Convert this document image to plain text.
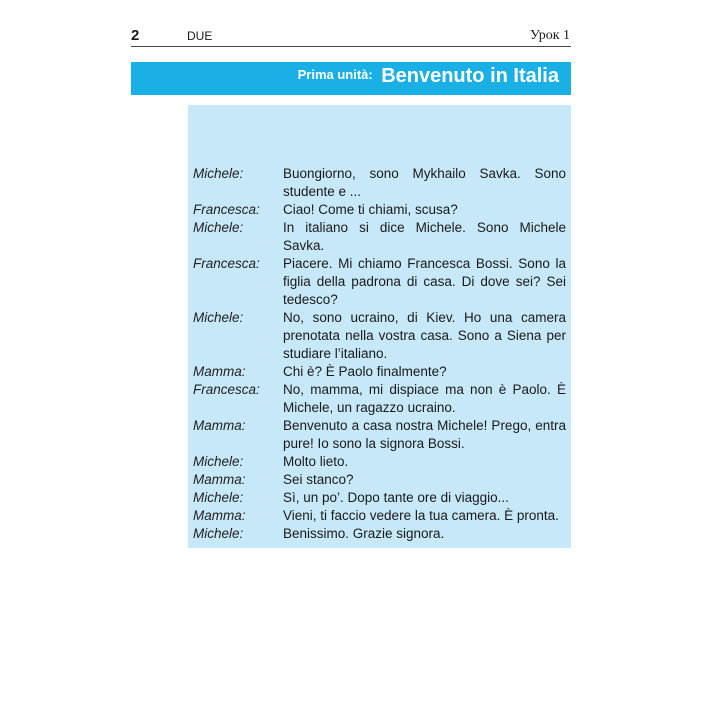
2	DUE	Урок 1
Prima unità: Benvenuto in Italia
Michele:	Buongiorno, sono Mykhailo Savka. Sono studente e ...
Francesca:	Ciao! Come ti chiami, scusa?
Michele:	In italiano si dice Michele. Sono Michele Savka.
Francesca:	Piacere. Mi chiamo Francesca Bossi. Sono la figlia della padrona di casa. Di dove sei? Sei tedesco?
Michele:	No, sono ucraino, di Kiev. Ho una camera prenotata nella vostra casa. Sono a Siena per studiare l’italiano.
Mamma:	Chi è? È Paolo finalmente?
Francesca:	No, mamma, mi dispiace ma non è Paolo. È Michele, un ragazzo ucraino.
Mamma:	Benvenuto a casa nostra Michele! Prego, entra pure! Io sono la signora Bossi.
Michele:	Molto lieto.
Mamma:	Sei stanco?
Michele:	Sì, un po’. Dopo tante ore di viaggio...
Mamma:	Vieni, ti faccio vedere la tua camera. È pronta.
Michele:	Benissimo. Grazie signora.
